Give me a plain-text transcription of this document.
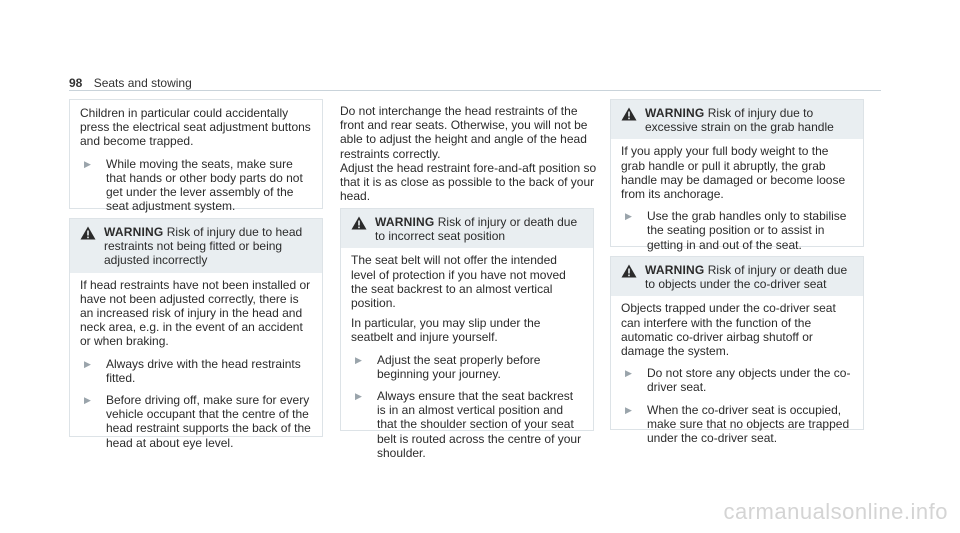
98 Seats and stowing

Children in particular could accidentally press the electrical seat adjustment buttons and become trapped.

▶	While moving the seats, make sure that hands or other body parts do not get under the lever assembly of the seat adjustment system.
WARNING Risk of injury due to head restraints not being fitted or being adjusted incorrectly

If head restraints have not been installed or have not been adjusted correctly, there is an increased risk of injury in the head and neck area, e.g. in the event of an accident or when braking.

▶	Always drive with the head restraints fitted.
▶	Before driving off, make sure for every vehicle occupant that the centre of the head restraint supports the back of the head at about eye level.

Do not interchange the head restraints of the front and rear seats. Otherwise, you will not be able to adjust the height and angle of the head restraints correctly.

Adjust the head restraint fore-and-aft position so that it is as close as possible to the back of your head.

WARNING Risk of injury or death due to incorrect seat position

The seat belt will not offer the intended level of protection if you have not moved the seat backrest to an almost vertical position.

In particular, you may slip under the seatbelt and injure yourself.

▶	Adjust the seat properly before beginning your journey.
▶	Always ensure that the seat backrest is in an almost vertical position and that the shoulder section of your seat belt is routed across the centre of your shoulder.
WARNING Risk of injury due to excessive strain on the grab handle

If you apply your full body weight to the grab handle or pull it abruptly, the grab handle may be damaged or become loose from its anchorage.

▶	Use the grab handles only to stabilise the seating position or to assist in getting in and out of the seat.
WARNING Risk of injury or death due to objects under the co-driver seat

Objects trapped under the co-driver seat can interfere with the function of the automatic co-driver airbag shutoff or damage the system.

▶	Do not store any objects under the co-driver seat.
▶	When the co-driver seat is occupied, make sure that no objects are trapped under the co-driver seat.
carmanualsonline.info
